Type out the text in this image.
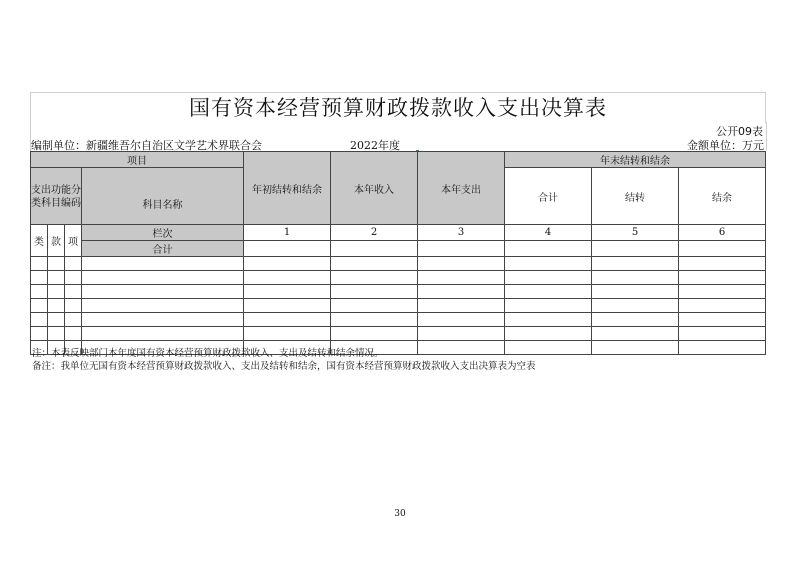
国有资本经营预算财政拨款收入支出决算表
公开09表
编制单位：新疆维吾尔自治区文学艺术界联合会	2022年度	金额单位：万元
项目		年初结转和结余	本年收入	本年支出	年末结转和结余		
支出功能分类科目编码	科目名称				合计	结转	结余

类	款	项	栏次	1	2	3	4	5	6
			合计						

注：本表反映部门本年度国有资本经营预算财政拨款收入、支出及结转和结余情况。
备注：我单位无国有资本经营预算财政拨款收入、支出及结转和结余，国有资本经营预算财政拨款收入支出决算表为空表
30
